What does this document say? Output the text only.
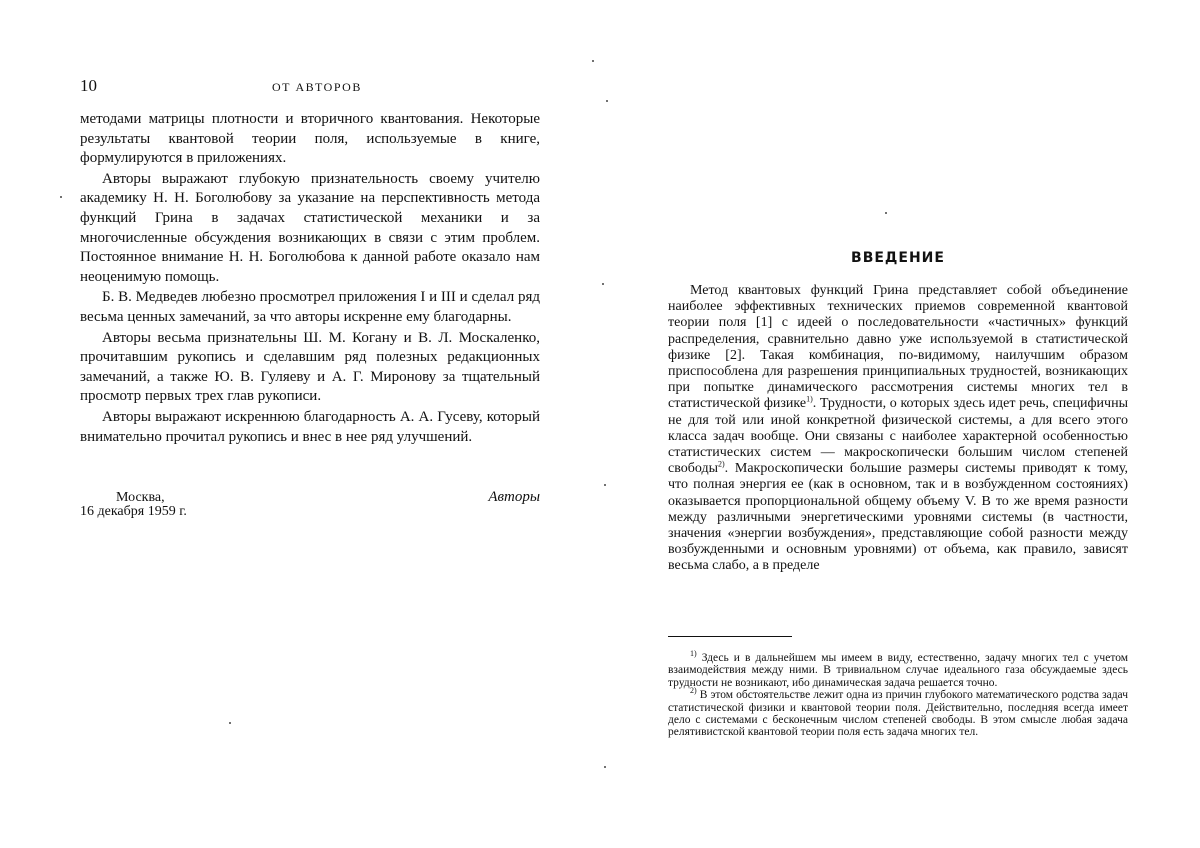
10	ОТ АВТОРОВ

методами матрицы плотности и вторичного квантования. Некоторые результаты квантовой теории поля, используемые в книге, формулируются в приложениях.

Авторы выражают глубокую признательность своему учителю академику Н. Н. Боголюбову за указание на перспективность метода функций Грина в задачах статистической механики и за многочисленные обсуждения возникающих в связи с этим проблем. Постоянное внимание Н. Н. Боголюбова к данной работе оказало нам неоценимую помощь.

Б. В. Медведев любезно просмотрел приложения I и III и сделал ряд весьма ценных замечаний, за что авторы искренне ему благодарны.

Авторы весьма признательны Ш. М. Когану и В. Л. Москаленко, прочитавшим рукопись и сделавшим ряд полезных редакционных замечаний, а также Ю. В. Гуляеву и А. Г. Миронову за тщательный просмотр первых трех глав рукописи.

Авторы выражают искреннюю благодарность А. А. Гусеву, который внимательно прочитал рукопись и внес в нее ряд улучшений.

Москва,
16 декабря 1959 г.
Авторы
ВВЕДЕНИЕ

Метод квантовых функций Грина представляет собой объединение наиболее эффективных технических приемов современной квантовой теории поля [1] с идеей о последовательности «частичных» функций распределения, сравнительно давно уже используемой в статистической физике [2]. Такая комбинация, по-видимому, наилучшим образом приспособлена для разрешения принципиальных трудностей, возникающих при попытке динамического рассмотрения системы многих тел в статистической физике$^{1)}$. Трудности, о которых здесь идет речь, специфичны не для той или иной конкретной физической системы, а для всего этого класса задач вообще. Они связаны с наиболее характерной особенностью статистических систем — макроскопически большим числом степеней свободы$^{2)}$. Макроскопически большие размеры системы приводят к тому, что полная энергия ее (как в основном, так и в возбужденном состояниях) оказывается пропорциональной общему объему V. В то же время разности между различными энергетическими уровнями системы (в частности, значения «энергии возбуждения», представляющие собой разности между возбужденными и основным уровнями) от объема, как правило, зависят весьма слабо, а в пределе

$^{1)}$ Здесь и в дальнейшем мы имеем в виду, естественно, задачу многих тел с учетом взаимодействия между ними. В тривиальном случае идеального газа обсуждаемые здесь трудности не возникают, ибо динамическая задача решается точно.

$^{2)}$ В этом обстоятельстве лежит одна из причин глубокого математического родства задач статистической физики и квантовой теории поля. Действительно, последняя всегда имеет дело с системами с бесконечным числом степеней свободы. В этом смысле любая задача релятивистской квантовой теории поля есть задача многих тел.
